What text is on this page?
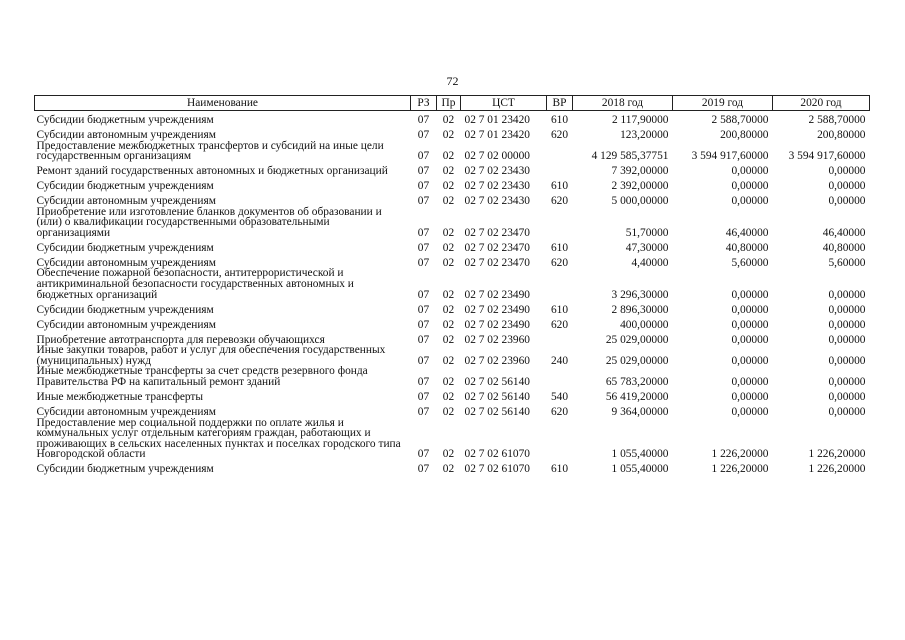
72
Наименование	РЗ	Пр	ЦСТ	ВР	2018 год	2019 год	2020 год
Субсидии бюджетным учреждениям	07	02	02 7 01 23420	610	2 117,90000	2 588,70000	2 588,70000
Субсидии автономным учреждениям	07	02	02 7 01 23420	620	123,20000	200,80000	200,80000
Предоставление межбюджетных трансфертов и субсидий на иные цели государственным организациям	07	02	02 7 02 00000		4 129 585,37751	3 594 917,60000	3 594 917,60000
Ремонт зданий государственных автономных и бюджетных организаций	07	02	02 7 02 23430		7 392,00000	0,00000	0,00000
Субсидии бюджетным учреждениям	07	02	02 7 02 23430	610	2 392,00000	0,00000	0,00000
Субсидии автономным учреждениям	07	02	02 7 02 23430	620	5 000,00000	0,00000	0,00000
Приобретение или изготовление бланков документов об образовании и (или) о квалификации государственными образовательными организациями	07	02	02 7 02 23470		51,70000	46,40000	46,40000
Субсидии бюджетным учреждениям	07	02	02 7 02 23470	610	47,30000	40,80000	40,80000
Субсидии автономным учреждениям	07	02	02 7 02 23470	620	4,40000	5,60000	5,60000
Обеспечение пожарной безопасности, антитеррористической и антикриминальной безопасности государственных автономных и бюджетных организаций	07	02	02 7 02 23490		3 296,30000	0,00000	0,00000
Субсидии бюджетным учреждениям	07	02	02 7 02 23490	610	2 896,30000	0,00000	0,00000
Субсидии автономным учреждениям	07	02	02 7 02 23490	620	400,00000	0,00000	0,00000
Приобретение автотранспорта для перевозки обучающихся	07	02	02 7 02 23960		25 029,00000	0,00000	0,00000
Иные закупки товаров, работ и услуг для обеспечения государственных (муниципальных) нужд	07	02	02 7 02 23960	240	25 029,00000	0,00000	0,00000
Иные межбюджетные трансферты за счет средств резервного фонда Правительства РФ на капитальный ремонт зданий	07	02	02 7 02 56140		65 783,20000	0,00000	0,00000
Иные межбюджетные трансферты	07	02	02 7 02 56140	540	56 419,20000	0,00000	0,00000
Субсидии автономным учреждениям	07	02	02 7 02 56140	620	9 364,00000	0,00000	0,00000
Предоставление мер социальной поддержки по оплате жилья и коммунальных услуг отдельным категориям граждан, работающих и проживающих в сельских населенных пунктах и поселках городского типа Новгородской области	07	02	02 7 02 61070		1 055,40000	1 226,20000	1 226,20000
Субсидии бюджетным учреждениям	07	02	02 7 02 61070	610	1 055,40000	1 226,20000	1 226,20000
